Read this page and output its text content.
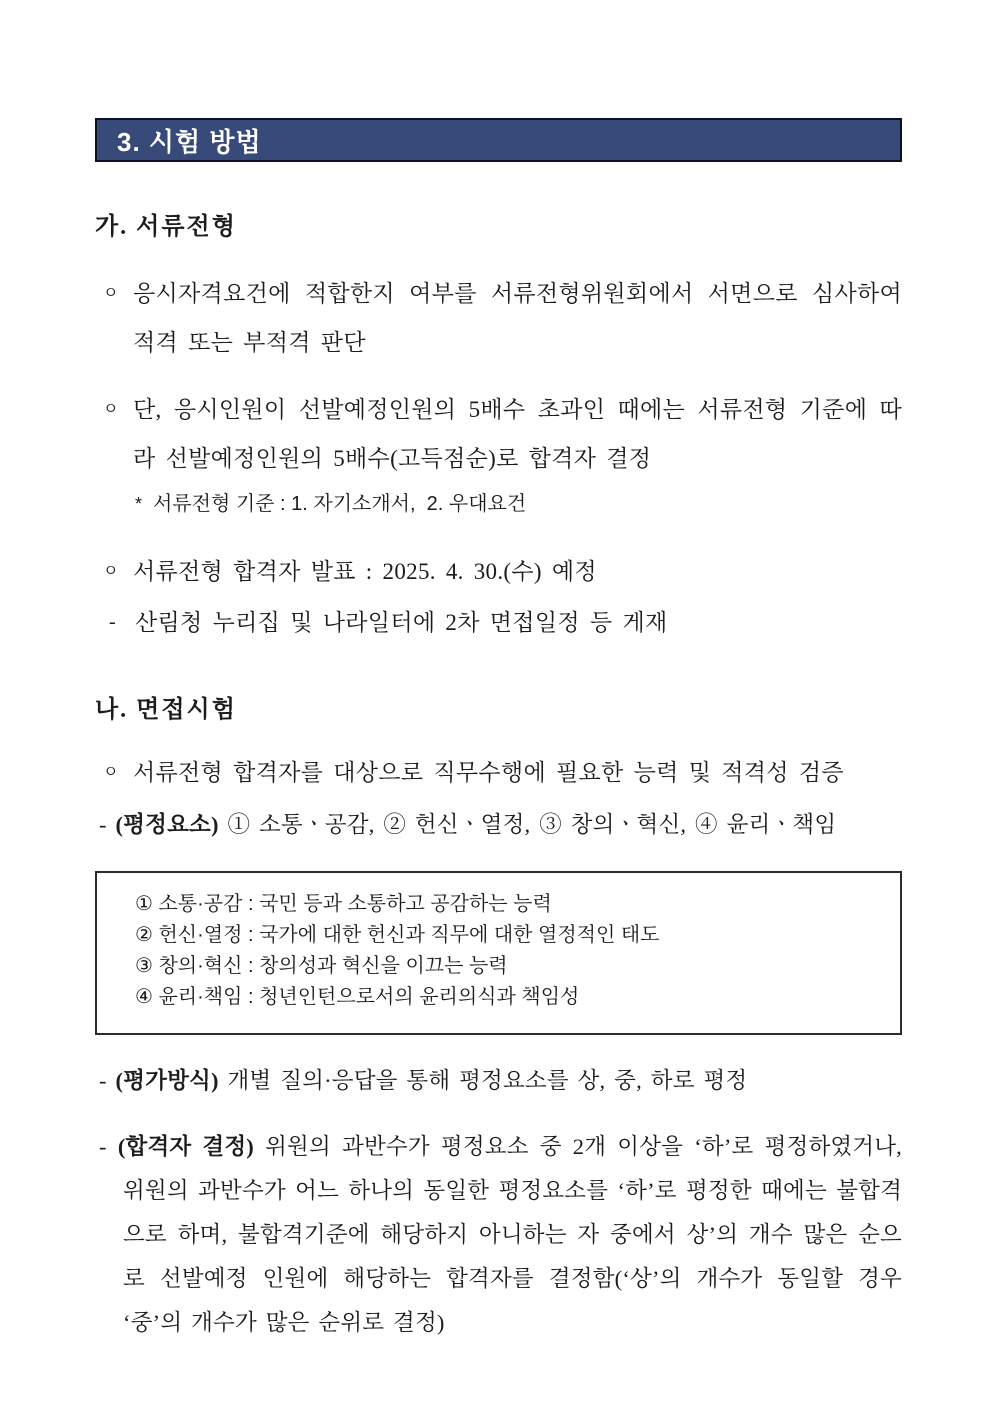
3. 시험 방법
가. 서류전형
ㅇ 응시자격요건에 적합한지 여부를 서류전형위원회에서 서면으로 심사하여 적격 또는 부적격 판단
ㅇ 단, 응시인원이 선발예정인원의 5배수 초과인 때에는 서류전형 기준에 따라 선발예정인원의 5배수(고득점순)로 합격자 결정
* 서류전형 기준 : 1. 자기소개서,  2. 우대요건
ㅇ 서류전형 합격자 발표 : 2025. 4. 30.(수) 예정
- 산림청 누리집 및 나라일터에 2차 면접일정 등 게재
나. 면접시험
ㅇ 서류전형 합격자를 대상으로 직무수행에 필요한 능력 및 적격성 검증
- (평정요소) ① 소통ㆍ공감, ② 헌신ㆍ열정, ③ 창의ㆍ혁신, ④ 윤리ㆍ책임
① 소통·공감 : 국민 등과 소통하고 공감하는 능력
② 헌신·열정 : 국가에 대한 헌신과 직무에 대한 열정적인 태도
③ 창의·혁신 : 창의성과 혁신을 이끄는 능력
④ 윤리·책임 : 청년인턴으로서의 윤리의식과 책임성
- (평가방식) 개별 질의·응답을 통해 평정요소를 상, 중, 하로 평정
- (합격자 결정) 위원의 과반수가 평정요소 중 2개 이상을 ‘하’로 평정하였거나, 위원의 과반수가 어느 하나의 동일한 평정요소를 ‘하’로 평정한 때에는 불합격으로 하며, 불합격기준에 해당하지 아니하는 자 중에서 상’의 개수 많은 순으로 선발예정 인원에 해당하는 합격자를 결정함(‘상’의 개수가 동일할 경우 ‘중’의 개수가 많은 순위로 결정)
